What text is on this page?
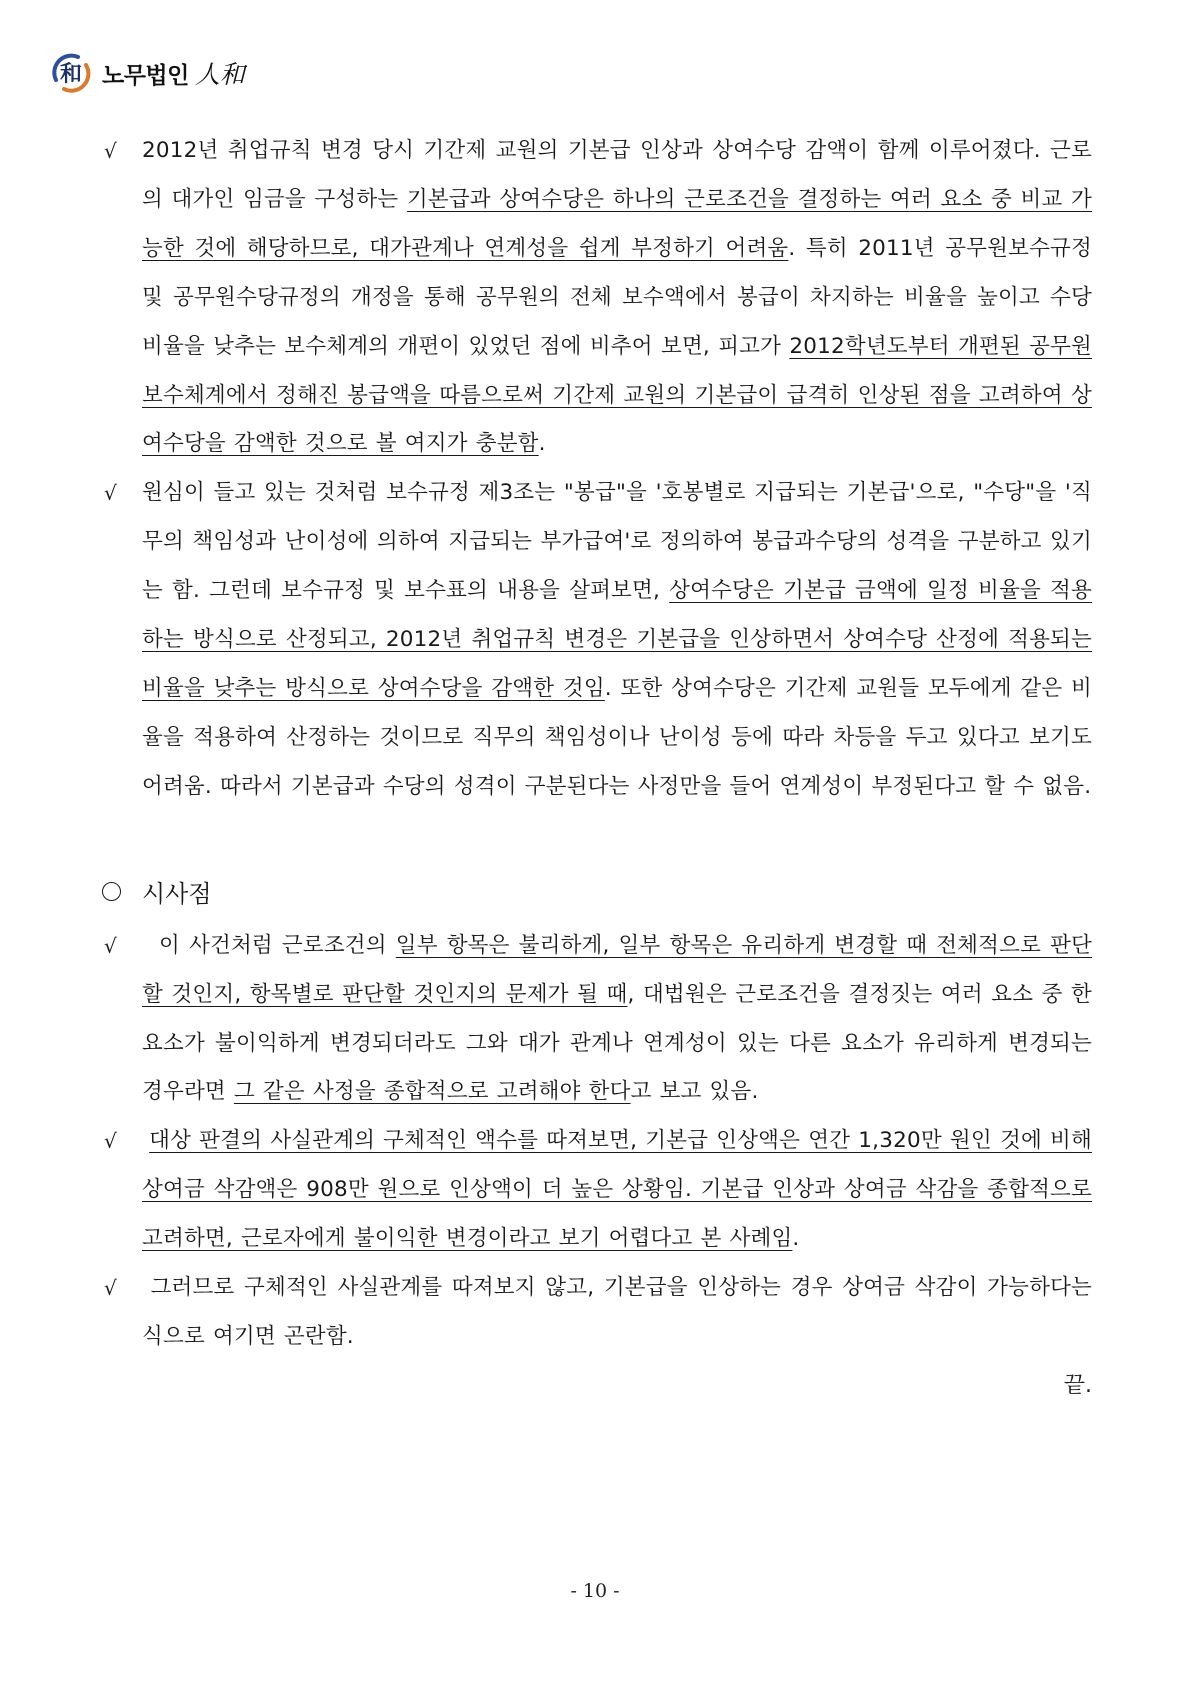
和 노무법인 人和

√	2012년 취업규칙 변경 당시 기간제 교원의 기본급 인상과 상여수당 감액이 함께 이루어졌다. 근로의 대가인 임금을 구성하는 기본급과 상여수당은 하나의 근로조건을 결정하는 여러 요소 중 비교 가능한 것에 해당하므로, 대가관계나 연계성을 쉽게 부정하기 어려움. 특히 2011년 공무원보수규정 및 공무원수당규정의 개정을 통해 공무원의 전체 보수액에서 봉급이 차지하는 비율을 높이고 수당 비율을 낮추는 보수체계의 개편이 있었던 점에 비추어 보면, 피고가 2012학년도부터 개편된 공무원 보수체계에서 정해진 봉급액을 따름으로써 기간제 교원의 기본급이 급격히 인상된 점을 고려하여 상여수당을 감액한 것으로 볼 여지가 충분함.

√	원심이 들고 있는 것처럼 보수규정 제3조는 "봉급"을 '호봉별로 지급되는 기본급'으로, "수당"을 '직무의 책임성과 난이성에 의하여 지급되는 부가급여'로 정의하여 봉급과수당의 성격을 구분하고 있기는 함. 그런데 보수규정 및 보수표의 내용을 살펴보면, 상여수당은 기본급 금액에 일정 비율을 적용하는 방식으로 산정되고, 2012년 취업규칙 변경은 기본급을 인상하면서 상여수당 산정에 적용되는 비율을 낮추는 방식으로 상여수당을 감액한 것임. 또한 상여수당은 기간제 교원들 모두에게 같은 비율을 적용하여 산정하는 것이므로 직무의 책임성이나 난이성 등에 따라 차등을 두고 있다고 보기도 어려움. 따라서 기본급과 수당의 성격이 구분된다는 사정만을 들어 연계성이 부정된다고 할 수 없음.

시사점

√	이 사건처럼 근로조건의 일부 항목은 불리하게, 일부 항목은 유리하게 변경할 때 전체적으로 판단할 것인지, 항목별로 판단할 것인지의 문제가 될 때, 대법원은 근로조건을 결정짓는 여러 요소 중 한 요소가 불이익하게 변경되더라도 그와 대가 관계나 연계성이 있는 다른 요소가 유리하게 변경되는 경우라면 그 같은 사정을 종합적으로 고려해야 한다고 보고 있음.

√	대상 판결의 사실관계의 구체적인 액수를 따져보면, 기본급 인상액은 연간 1,320만 원인 것에 비해 상여금 삭감액은 908만 원으로 인상액이 더 높은 상황임. 기본급 인상과 상여금 삭감을 종합적으로 고려하면, 근로자에게 불이익한 변경이라고 보기 어렵다고 본 사례임.

√	그러므로 구체적인 사실관계를 따져보지 않고, 기본급을 인상하는 경우 상여금 삭감이 가능하다는 식으로 여기면 곤란함.

끝.
- 10 -
